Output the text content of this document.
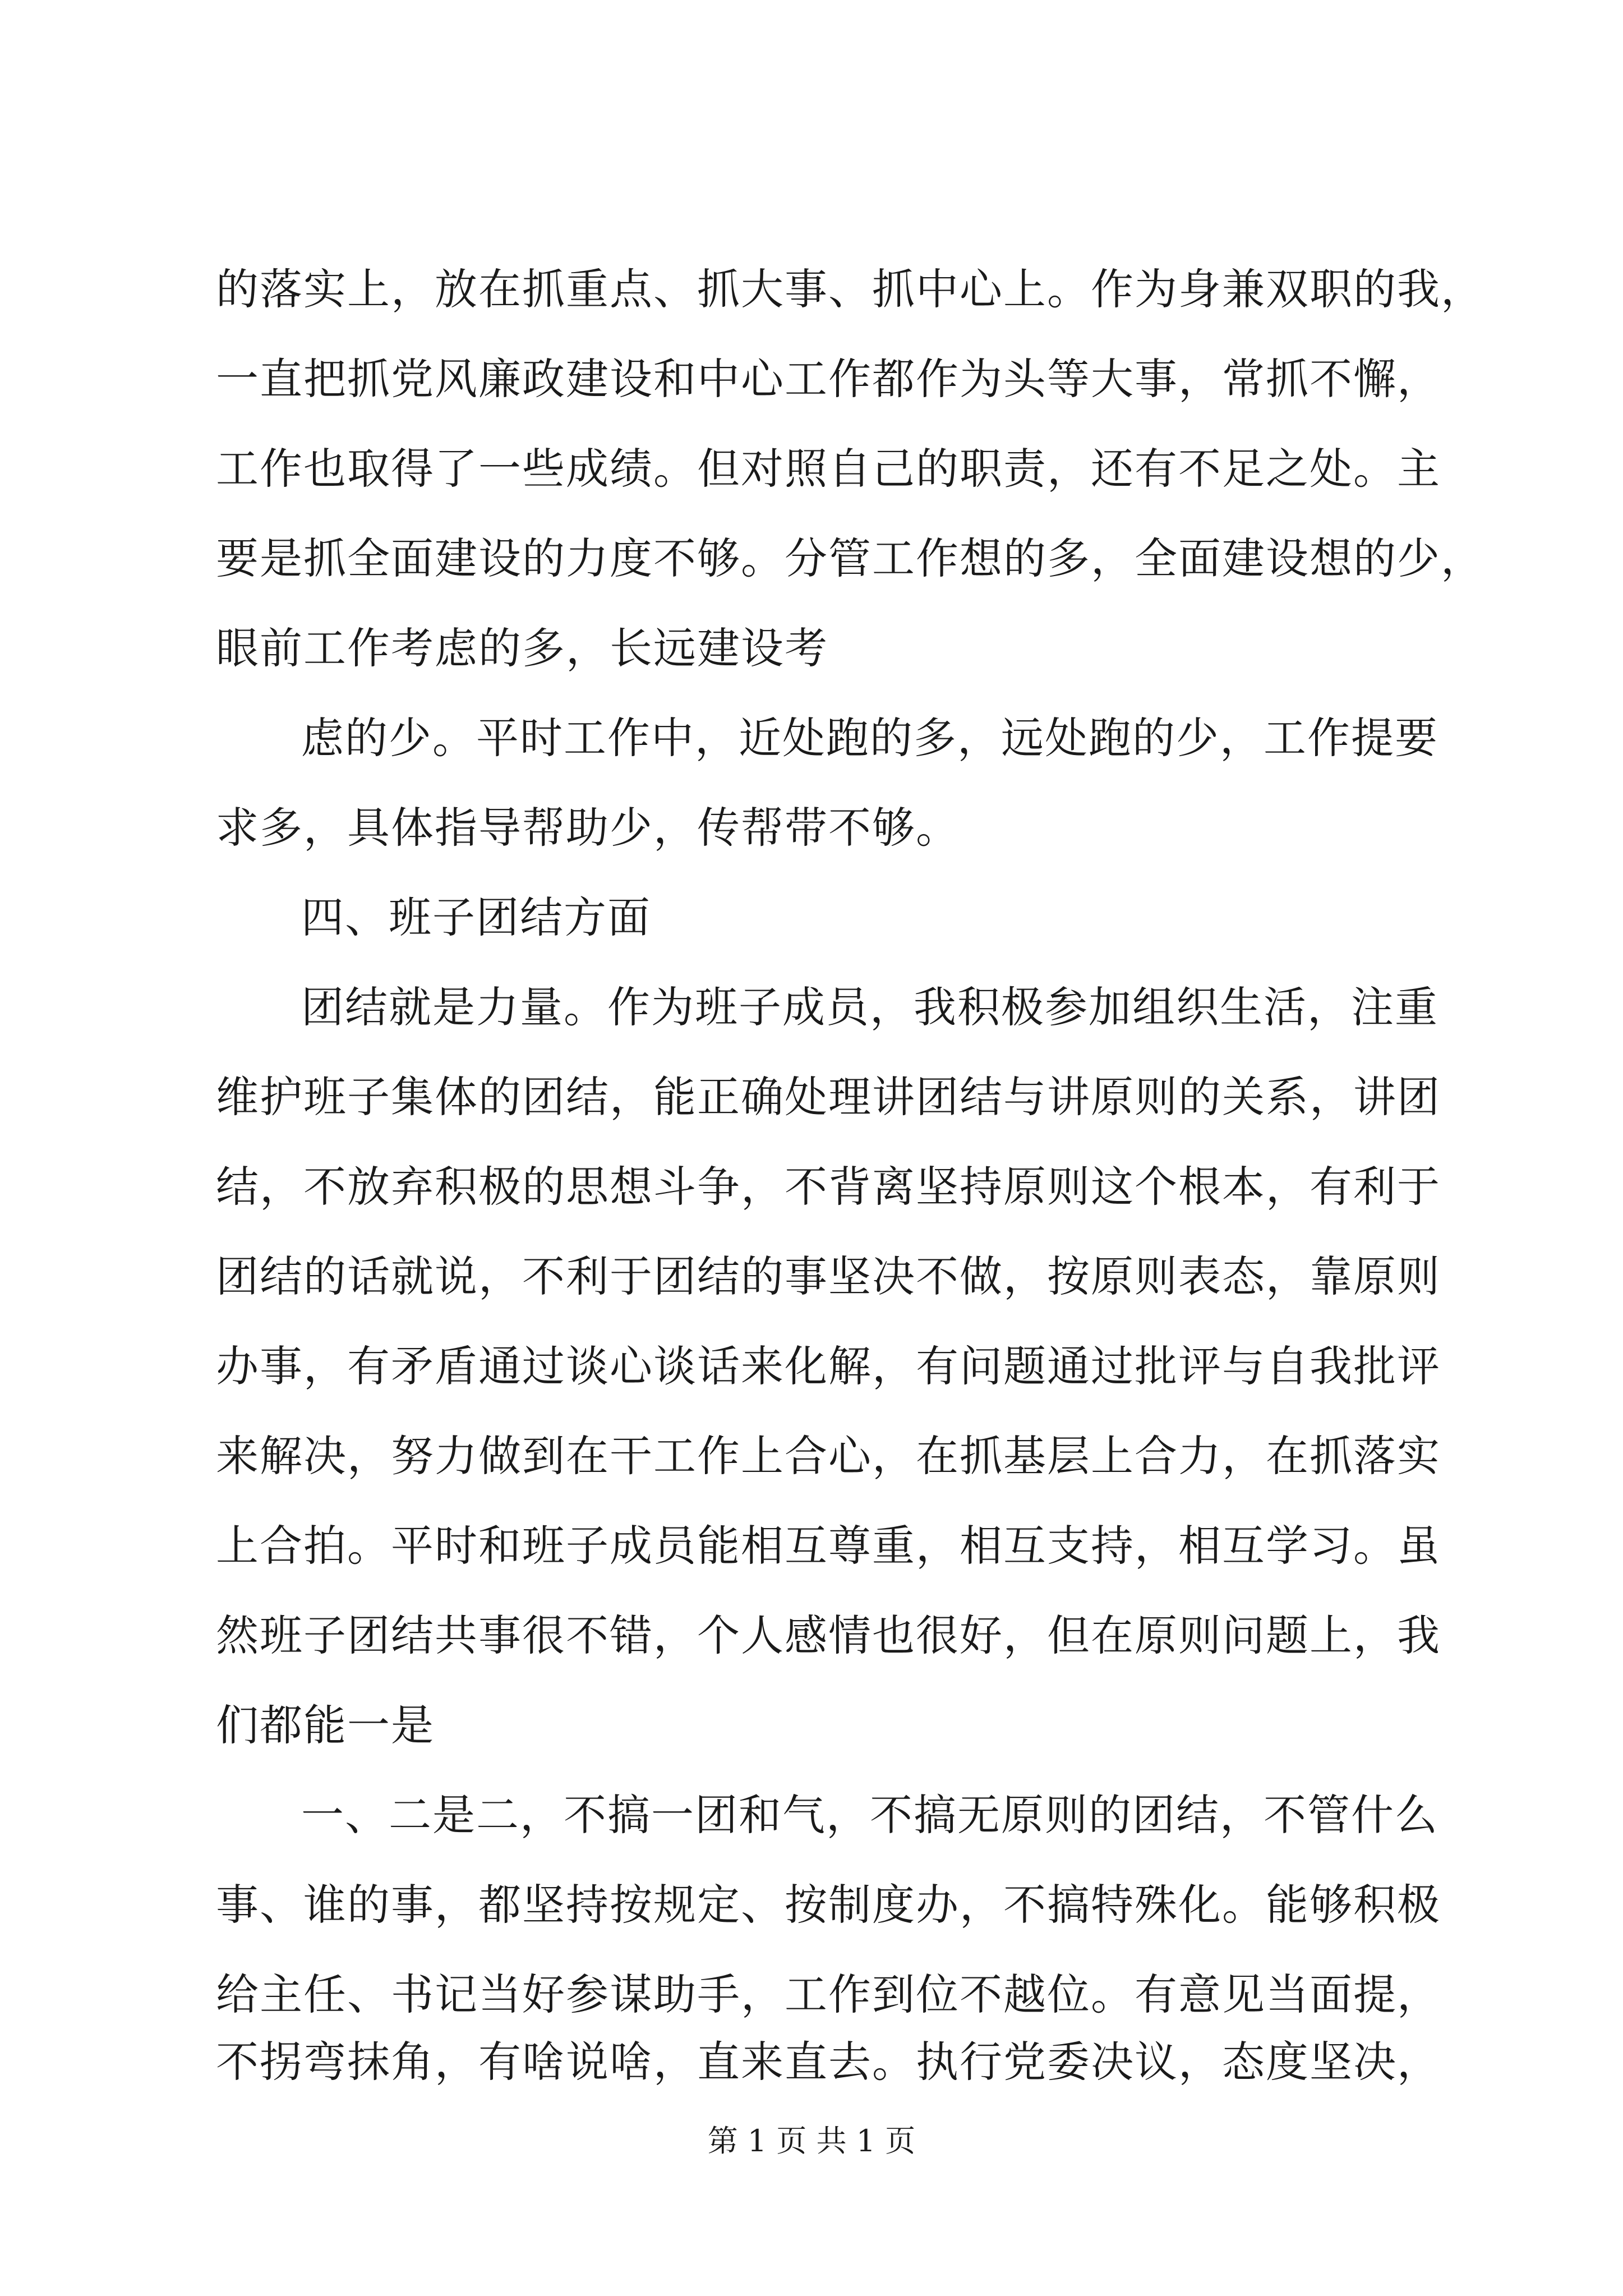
的落实上，放在抓重点、抓大事、抓中心上。作为身兼双职的我，
一直把抓党风廉政建设和中心工作都作为头等大事，常抓不懈，
工作也取得了一些成绩。但对照自己的职责，还有不足之处。主
要是抓全面建设的力度不够。分管工作想的多，全面建设想的少，
眼前工作考虑的多，长远建设考
虑的少。平时工作中，近处跑的多，远处跑的少，工作提要
求多，具体指导帮助少，传帮带不够。
四、班子团结方面
团结就是力量。作为班子成员，我积极参加组织生活，注重
维护班子集体的团结，能正确处理讲团结与讲原则的关系，讲团
结，不放弃积极的思想斗争，不背离坚持原则这个根本，有利于
团结的话就说，不利于团结的事坚决不做，按原则表态，靠原则
办事，有矛盾通过谈心谈话来化解，有问题通过批评与自我批评
来解决，努力做到在干工作上合心，在抓基层上合力，在抓落实
上合拍。平时和班子成员能相互尊重，相互支持，相互学习。虽
然班子团结共事很不错，个人感情也很好，但在原则问题上，我
们都能一是
一、二是二，不搞一团和气，不搞无原则的团结，不管什么
事、谁的事，都坚持按规定、按制度办，不搞特殊化。能够积极
给主任、书记当好参谋助手，工作到位不越位。有意见当面提，
不拐弯抹角，有啥说啥，直来直去。执行党委决议，态度坚决，
第 1 页 共 1 页
